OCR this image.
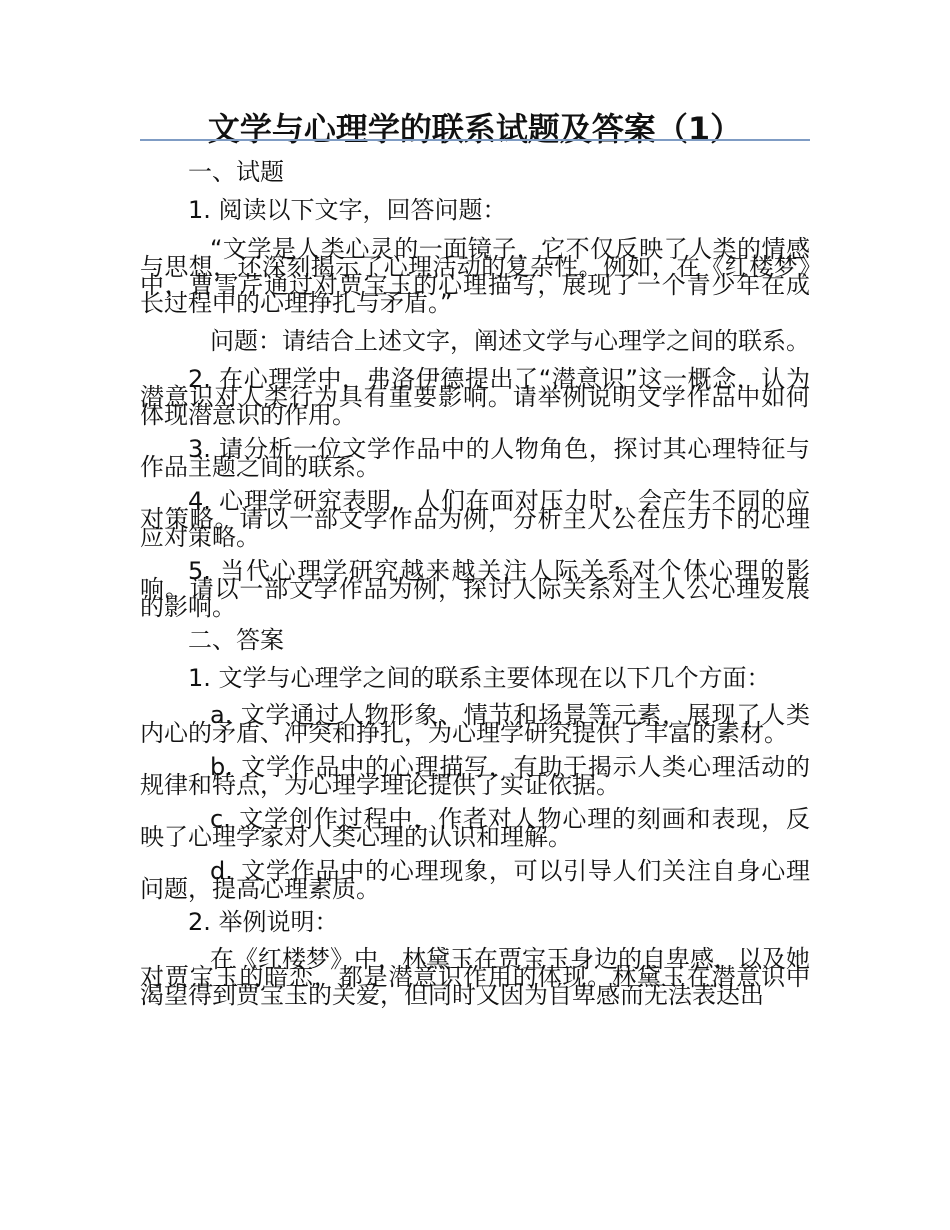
文学与心理学的联系试题及答案（1）

一、试题

1. 阅读以下文字，回答问题：

“文学是人类心灵的一面镜子，它不仅反映了人类的情感与思想，还深刻揭示了心理活动的复杂性。例如，在《红楼梦》中，曹雪芹通过对贾宝玉的心理描写，展现了一个青少年在成长过程中的心理挣扎与矛盾。”

问题：请结合上述文字，阐述文学与心理学之间的联系。

2. 在心理学中，弗洛伊德提出了“潜意识”这一概念，认为潜意识对人类行为具有重要影响。请举例说明文学作品中如何体现潜意识的作用。

3. 请分析一位文学作品中的人物角色，探讨其心理特征与作品主题之间的联系。

4. 心理学研究表明，人们在面对压力时，会产生不同的应对策略。请以一部文学作品为例，分析主人公在压力下的心理应对策略。

5. 当代心理学研究越来越关注人际关系对个体心理的影响。请以一部文学作品为例，探讨人际关系对主人公心理发展的影响。

二、答案

1. 文学与心理学之间的联系主要体现在以下几个方面：

a. 文学通过人物形象、情节和场景等元素，展现了人类内心的矛盾、冲突和挣扎，为心理学研究提供了丰富的素材。

b. 文学作品中的心理描写，有助于揭示人类心理活动的规律和特点，为心理学理论提供了实证依据。

c. 文学创作过程中，作者对人物心理的刻画和表现，反映了心理学家对人类心理的认识和理解。

d. 文学作品中的心理现象，可以引导人们关注自身心理问题，提高心理素质。

2. 举例说明：

在《红楼梦》中，林黛玉在贾宝玉身边的自卑感，以及她对贾宝玉的暗恋，都是潜意识作用的体现。林黛玉在潜意识中渴望得到贾宝玉的关爱，但同时又因为自卑感而无法表达出
